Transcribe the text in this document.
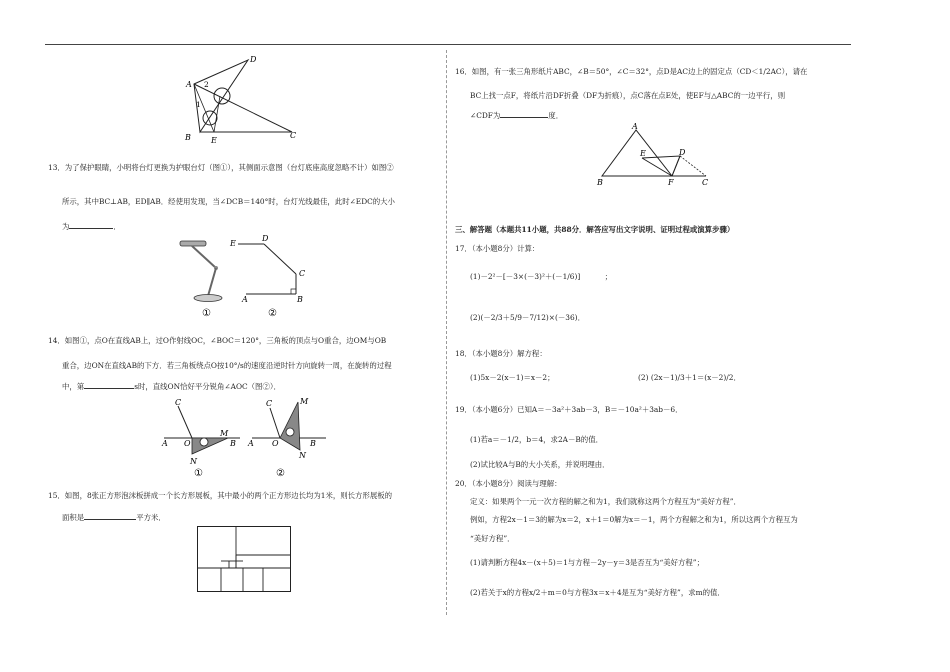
D
A 2
1
B	E
C
13．为了保护眼睛，小明将台灯更换为护眼台灯（图①），其侧面示意图（台灯底座高度忽略不计）如图②
所示，其中BC⊥AB，ED∥AB．经使用发现，当∠DCB＝140°时，台灯光线最佳，此时∠EDC的大小
为	．
E
D
C
A	B
①	②
14．如图①，点O在直线AB上，过O作射线OC，∠BOC＝120°，三角板的顶点与O重合，边OM与OB
重合，边ON在直线AB的下方．若三角板绕点O按10°/s的速度沿逆时针方向旋转一周，在旋转的过程
中，第	s时，直线ON恰好平分锐角∠AOC（图②）．
C
A O
M
B
N
①
C
A O
M
B
N
②
15．如图，8张正方形泡沫板拼成一个长方形展板，其中最小的两个正方形边长均为1米，则长方形展板的
面积是	平方米．
16．如图，有一张三角形纸片ABC，∠B＝50°，∠C＝32°，点D是AC边上的固定点（CD＜1/2AC），请在
BC上找一点F，将纸片沿DF折叠（DF为折痕），点C落在点E处，使EF与△ABC的一边平行，则
∠CDF为	度．
A
E	D
B	F	C
三、解答题（本题共11小题，共88分．解答应写出文字说明、证明过程或演算步骤）
17．（本小题8分）计算：
(1)－2²－[－3×(－3)²＋(－1/6)]	；
(2)(－2/3＋5/9－7/12)×(－36)．
18．（本小题8分）解方程：
(1)5x－2(x－1)＝x－2；	(2) (2x－1)/3＋1＝(x－2)/2．
19．（本小题6分）已知A＝－3a²＋3ab－3，B＝－10a²＋3ab－6．
(1)若a＝－1/2，b＝4，求2A－B的值．
(2)试比较A与B的大小关系，并说明理由．
20．（本小题8分）阅读与理解：
定义：如果两个一元一次方程的解之和为1，我们就称这两个方程互为“美好方程”．
例如，方程2x－1＝3的解为x＝2，x＋1＝0解为x＝－1，两个方程解之和为1，所以这两个方程互为
“美好方程”．
(1)请判断方程4x－(x＋5)＝1与方程－2y－y＝3是否互为“美好方程”；
(2)若关于x的方程x/2＋m＝0与方程3x＝x＋4是互为“美好方程”，求m的值．
